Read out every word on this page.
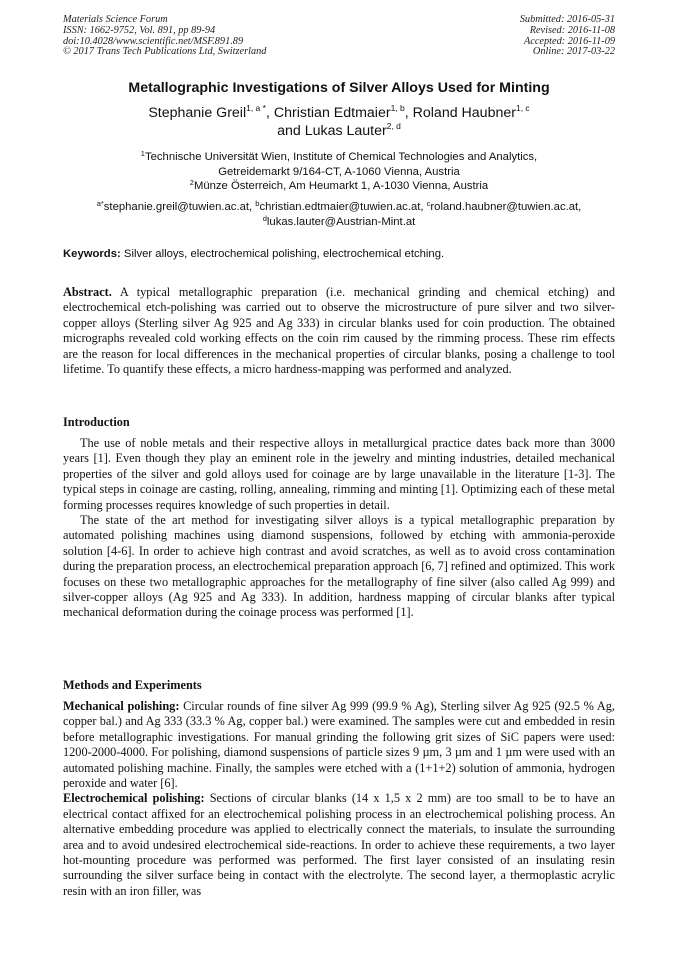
Materials Science Forum
ISSN: 1662-9752, Vol. 891, pp 89-94
doi:10.4028/www.scientific.net/MSF.891.89
© 2017 Trans Tech Publications Ltd, Switzerland
Submitted: 2016-05-31
Revised: 2016-11-08
Accepted: 2016-11-09
Online: 2017-03-22
Metallographic Investigations of Silver Alloys Used for Minting
Stephanie Greil$^{1, a *}$, Christian Edtmaier$^{1, b}$, Roland Haubner$^{1, c}$
and Lukas Lauter$^{2, d}$
$^1$Technische Universität Wien, Institute of Chemical Technologies and Analytics,
Getreidemarkt 9/164-CT, A-1060 Vienna, Austria
$^2$Münze Österreich, Am Heumarkt 1, A-1030 Vienna, Austria
$^{a*}$stephanie.greil@tuwien.ac.at, $^b$christian.edtmaier@tuwien.ac.at, $^c$roland.haubner@tuwien.ac.at,
$^d$lukas.lauter@Austrian-Mint.at
Keywords: Silver alloys, electrochemical polishing, electrochemical etching.
Abstract. A typical metallographic preparation (i.e. mechanical grinding and chemical etching) and electrochemical etch-polishing was carried out to observe the microstructure of pure silver and two silver-copper alloys (Sterling silver Ag 925 and Ag 333) in circular blanks used for coin production. The obtained micrographs revealed cold working effects on the coin rim caused by the rimming process. These rim effects are the reason for local differences in the mechanical properties of circular blanks, posing a challenge to tool lifetime. To quantify these effects, a micro hardness-mapping was performed and analyzed.
Introduction

The use of noble metals and their respective alloys in metallurgical practice dates back more than 3000 years [1]. Even though they play an eminent role in the jewelry and minting industries, detailed mechanical properties of the silver and gold alloys used for coinage are by large unavailable in the literature [1-3]. The typical steps in coinage are casting, rolling, annealing, rimming and minting [1]. Optimizing each of these metal forming processes requires knowledge of such properties in detail.

The state of the art method for investigating silver alloys is a typical metallographic preparation by automated polishing machines using diamond suspensions, followed by etching with ammonia-peroxide solution [4-6]. In order to achieve high contrast and avoid scratches, as well as to avoid cross contamination during the preparation process, an electrochemical preparation approach [6, 7] refined and optimized. This work focuses on these two metallographic approaches for the metallography of fine silver (also called Ag 999) and silver-copper alloys (Ag 925 and Ag 333). In addition, hardness mapping of circular blanks after typical mechanical deformation during the coinage process was performed [1].

Methods and Experiments

Mechanical polishing: Circular rounds of fine silver Ag 999 (99.9 % Ag), Sterling silver Ag 925 (92.5 % Ag, copper bal.) and Ag 333 (33.3 % Ag, copper bal.) were examined. The samples were cut and embedded in resin before metallographic investigations. For manual grinding the following grit sizes of SiC papers were used: 1200-2000-4000. For polishing, diamond suspensions of particle sizes 9 µm, 3 µm and 1 µm were used with an automated polishing machine. Finally, the samples were etched with a (1+1+2) solution of ammonia, hydrogen peroxide and water [6].

Electrochemical polishing: Sections of circular blanks (14 x 1,5 x 2 mm) are too small to be to have an electrical contact affixed for an electrochemical polishing process in an electrochemical polishing process. An alternative embedding procedure was applied to electrically connect the materials, to insulate the surrounding area and to avoid undesired electrochemical side-reactions. In order to achieve these requirements, a two layer hot-mounting procedure was performed was performed. The first layer consisted of an insulating resin surrounding the silver surface being in contact with the electrolyte. The second layer, a thermoplastic acrylic resin with an iron filler, was
